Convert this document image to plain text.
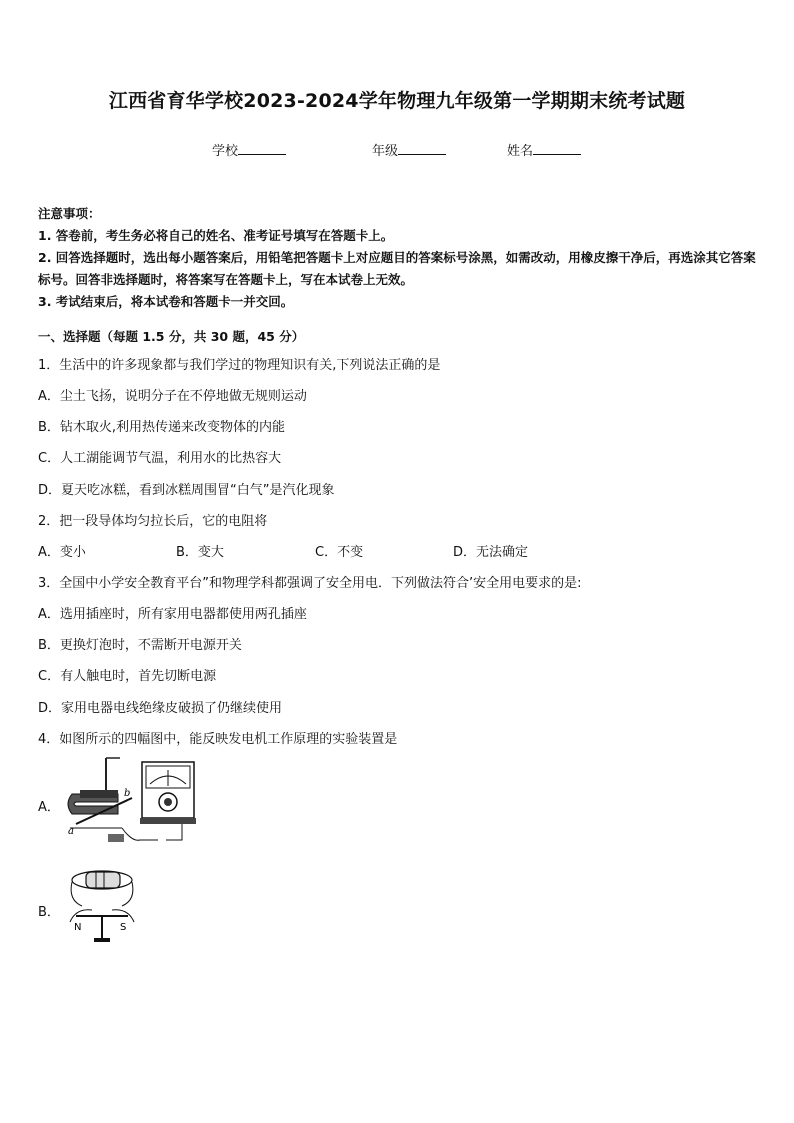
江西省育华学校2023-2024学年物理九年级第一学期期末统考试题
学校	年级	姓名

注意事项：

1. 答卷前，考生务必将自己的姓名、准考证号填写在答题卡上。

2. 回答选择题时，选出每小题答案后，用铅笔把答题卡上对应题目的答案标号涂黑，如需改动，用橡皮擦干净后，再选涂其它答案标号。回答非选择题时，将答案写在答题卡上，写在本试卷上无效。

3. 考试结束后，将本试卷和答题卡一并交回。

一、选择题（每题 1.5 分，共 30 题，45 分）
1．生活中的许多现象都与我们学过的物理知识有关,下列说法正确的是
A．尘土飞扬，说明分子在不停地做无规则运动
B．钻木取火,利用热传递来改变物体的内能
C．人工湖能调节气温，利用水的比热容大
D．夏天吃冰糕，看到冰糕周围冒“白气”是汽化现象
2．把一段导体均匀拉长后，它的电阻将
A．变小	B．变大	C．不变	D．无法确定
3．全国中小学安全教育平台”和物理学科都强调了安全用电．下列做法符合’安全用电要求的是:
A．选用插座时，所有家用电器都使用两孔插座
B．更换灯泡时，不需断开电源开关
C．有人触电时，首先切断电源
D．家用电器电线绝缘皮破损了仍继续使用
4．如图所示的四幅图中，能反映发电机工作原理的实验装置是
A．
a
b
B．
N	S
